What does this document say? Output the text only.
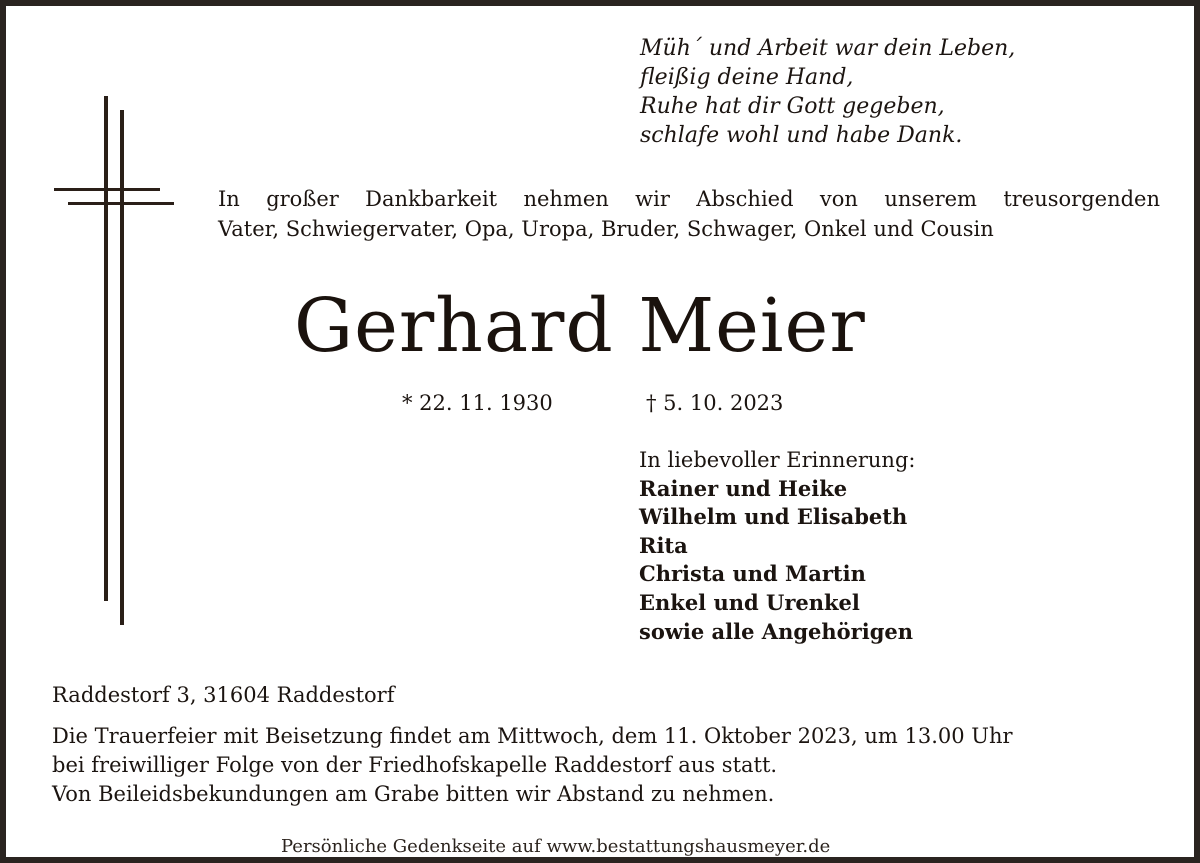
Müh´ und Arbeit war dein Leben,
fleißig deine Hand,
Ruhe hat dir Gott gegeben,
schlafe wohl und habe Dank.
In großer Dankbarkeit nehmen wir Abschied von unserem treusorgenden
Vater, Schwiegervater, Opa, Uropa, Bruder, Schwager, Onkel und Cousin
Gerhard Meier
* 22. 11. 1930	† 5. 10. 2023
In liebevoller Erinnerung:
Rainer und Heike
Wilhelm und Elisabeth
Rita
Christa und Martin
Enkel und Urenkel
sowie alle Angehörigen
Raddestorf 3, 31604 Raddestorf
Die Trauerfeier mit Beisetzung findet am Mittwoch, dem 11. Oktober 2023, um 13.00 Uhr
bei freiwilliger Folge von der Friedhofskapelle Raddestorf aus statt.
Von Beileidsbekundungen am Grabe bitten wir Abstand zu nehmen.
Persönliche Gedenkseite auf www.bestattungshausmeyer.de
